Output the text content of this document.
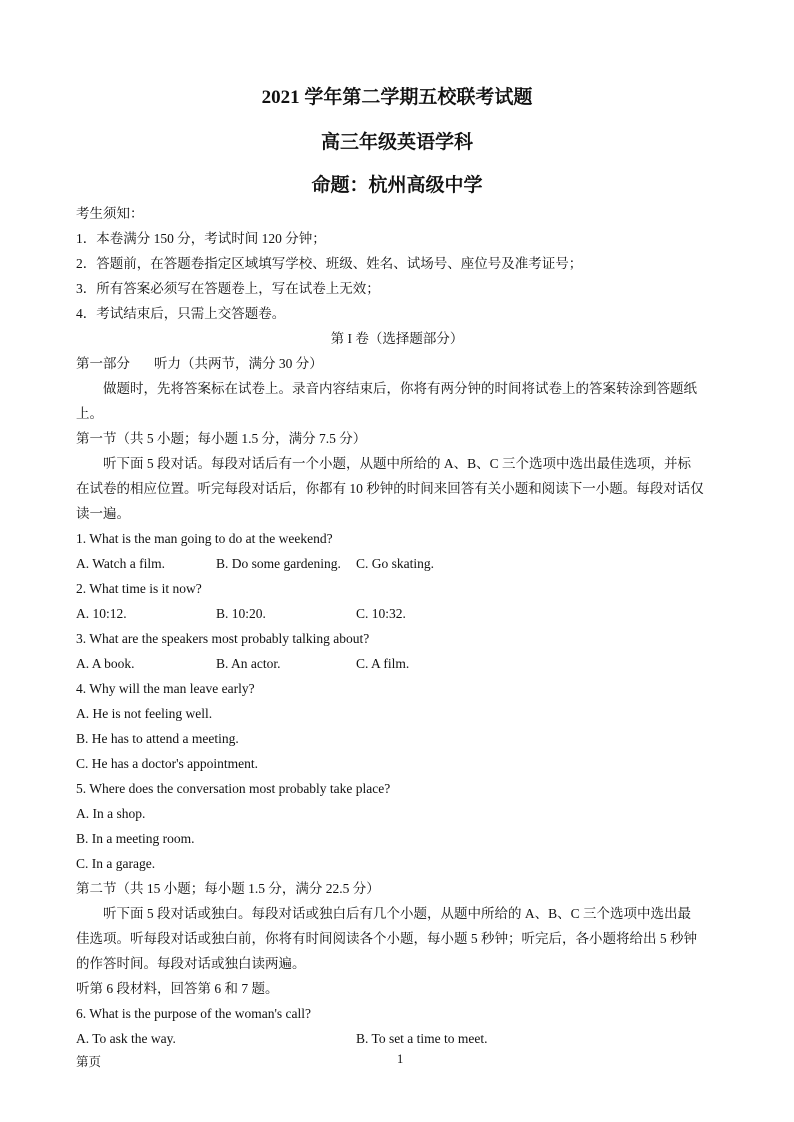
2021 学年第二学期五校联考试题
高三年级英语学科
命题：杭州高级中学

考生须知：

1．本卷满分 150 分，考试时间 120 分钟；

2．答题前，在答题卷指定区域填写学校、班级、姓名、试场号、座位号及准考证号；

3．所有答案必须写在答题卷上，写在试卷上无效；

4．考试结束后，只需上交答题卷。

第 I 卷（选择题部分）

第一部分 听力（共两节，满分 30 分）

做题时，先将答案标在试卷上。录音内容结束后，你将有两分钟的时间将试卷上的答案转涂到答题纸

上。

第一节（共 5 小题；每小题 1.5 分，满分 7.5 分）

听下面 5 段对话。每段对话后有一个小题，从题中所给的 A、B、C 三个选项中选出最佳选项，并标

在试卷的相应位置。听完每段对话后，你都有 10 秒钟的时间来回答有关小题和阅读下一小题。每段对话仅

读一遍。

1. What is the man going to do at the weekend?

A. Watch a film.	B. Do some gardening.	C. Go skating.

2. What time is it now?

A. 10:12.	B. 10:20.	C. 10:32.

3. What are the speakers most probably talking about?

A. A book.	B. An actor.	C. A film.

4. Why will the man leave early?

A. He is not feeling well.

B. He has to attend a meeting.

C. He has a doctor's appointment.

5. Where does the conversation most probably take place?

A. In a shop.

B. In a meeting room.

C. In a garage.

第二节（共 15 小题；每小题 1.5 分，满分 22.5 分）

听下面 5 段对话或独白。每段对话或独白后有几个小题，从题中所给的 A、B、C 三个选项中选出最

佳选项。听每段对话或独白前，你将有时间阅读各个小题，每小题 5 秒钟；听完后，各小题将给出 5 秒钟

的作答时间。每段对话或独白读两遍。

听第 6 段材料，回答第 6 和 7 题。

6. What is the purpose of the woman's call?

A. To ask the way.	B. To set a time to meet.

第页	1
